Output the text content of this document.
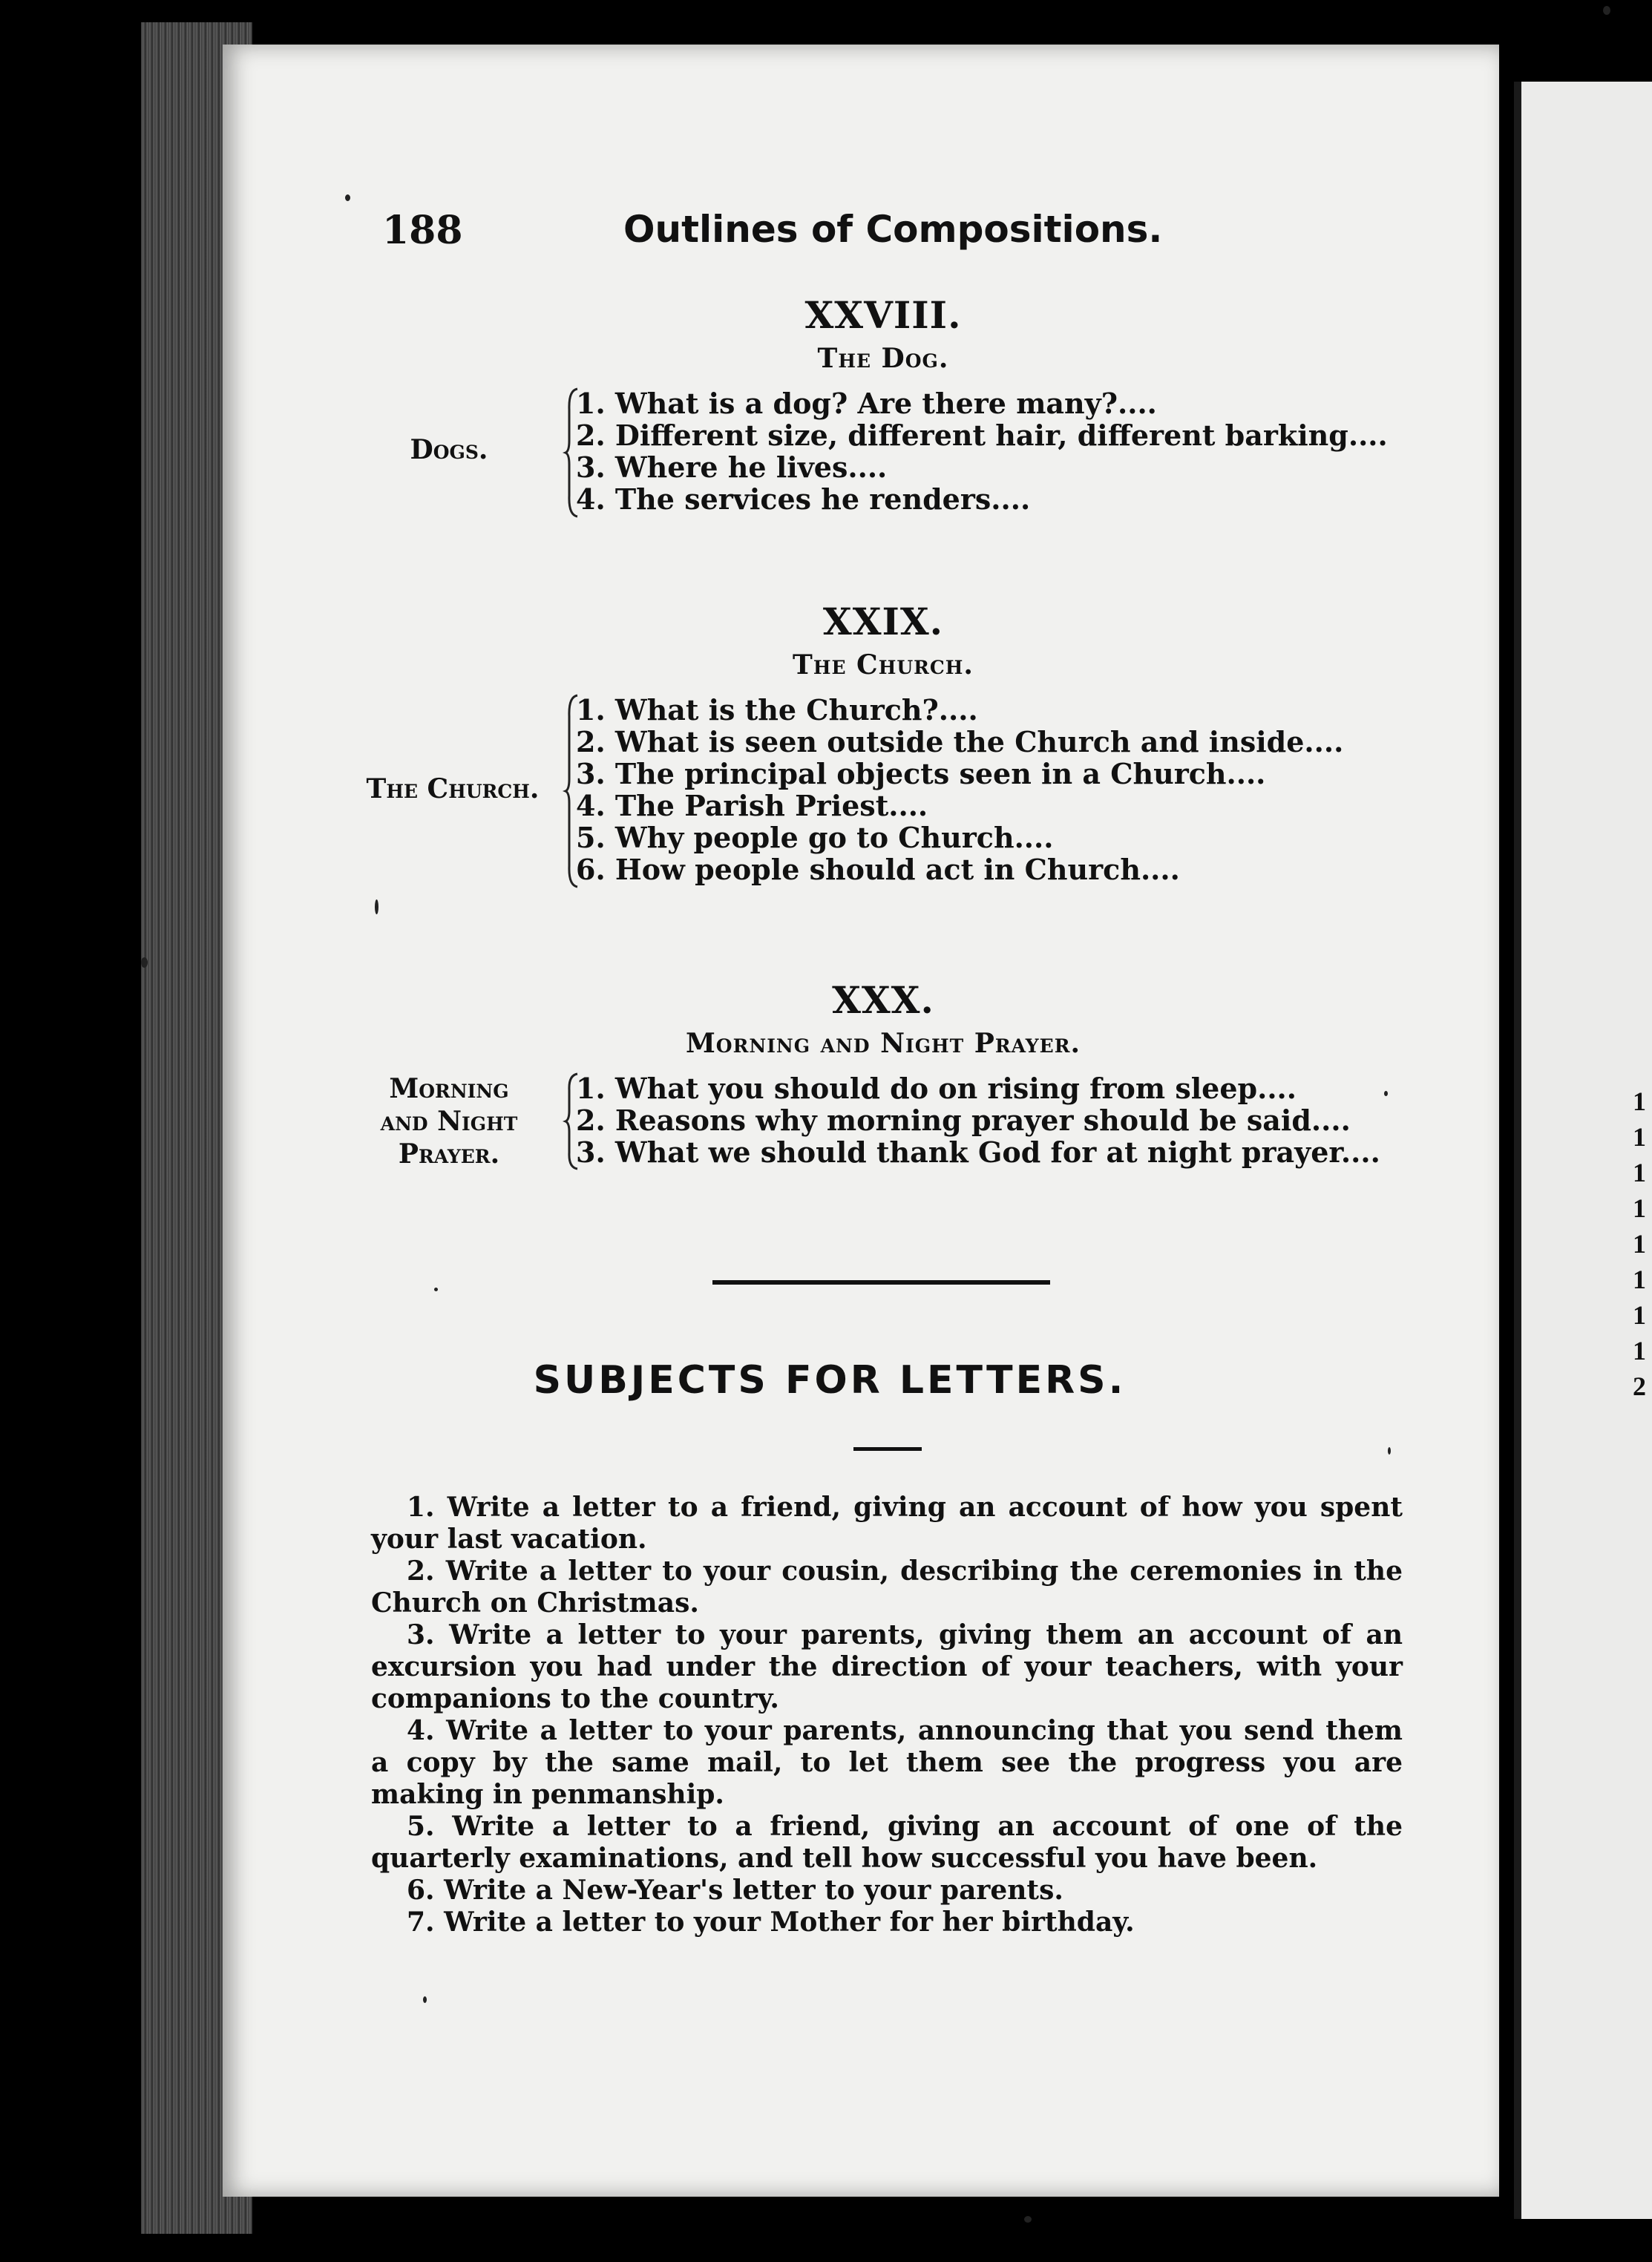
1
1
1
1
1
1
1
1
2
188	Outlines of Compositions.
XXVIII.
The Dog.
Dogs.
1. What is a dog? Are there many?....
2. Different size, different hair, different barking....
3. Where he lives....
4. The services he renders....
XXIX.
The Church.
The Church.
1. What is the Church?....
2. What is seen outside the Church and inside....
3. The principal objects seen in a Church....
4. The Parish Priest....
5. Why people go to Church....
6. How people should act in Church....
XXX.
Morning and Night Prayer.
Morning
and Night
Prayer.
1. What you should do on rising from sleep....
2. Reasons why morning prayer should be said....
3. What we should thank God for at night prayer....
SUBJECTS FOR LETTERS.
1. Write a letter to a friend, giving an account of how you spent your last vacation.
2. Write a letter to your cousin, describing the ceremonies in the Church on Christmas.
3. Write a letter to your parents, giving them an account of an excursion you had under the direction of your teachers, with your companions to the country.
4. Write a letter to your parents, announcing that you send them a copy by the same mail, to let them see the progress you are making in penmanship.
5. Write a letter to a friend, giving an account of one of the quarterly examinations, and tell how successful you have been.
6. Write a New-Year's letter to your parents.
7. Write a letter to your Mother for her birthday.
